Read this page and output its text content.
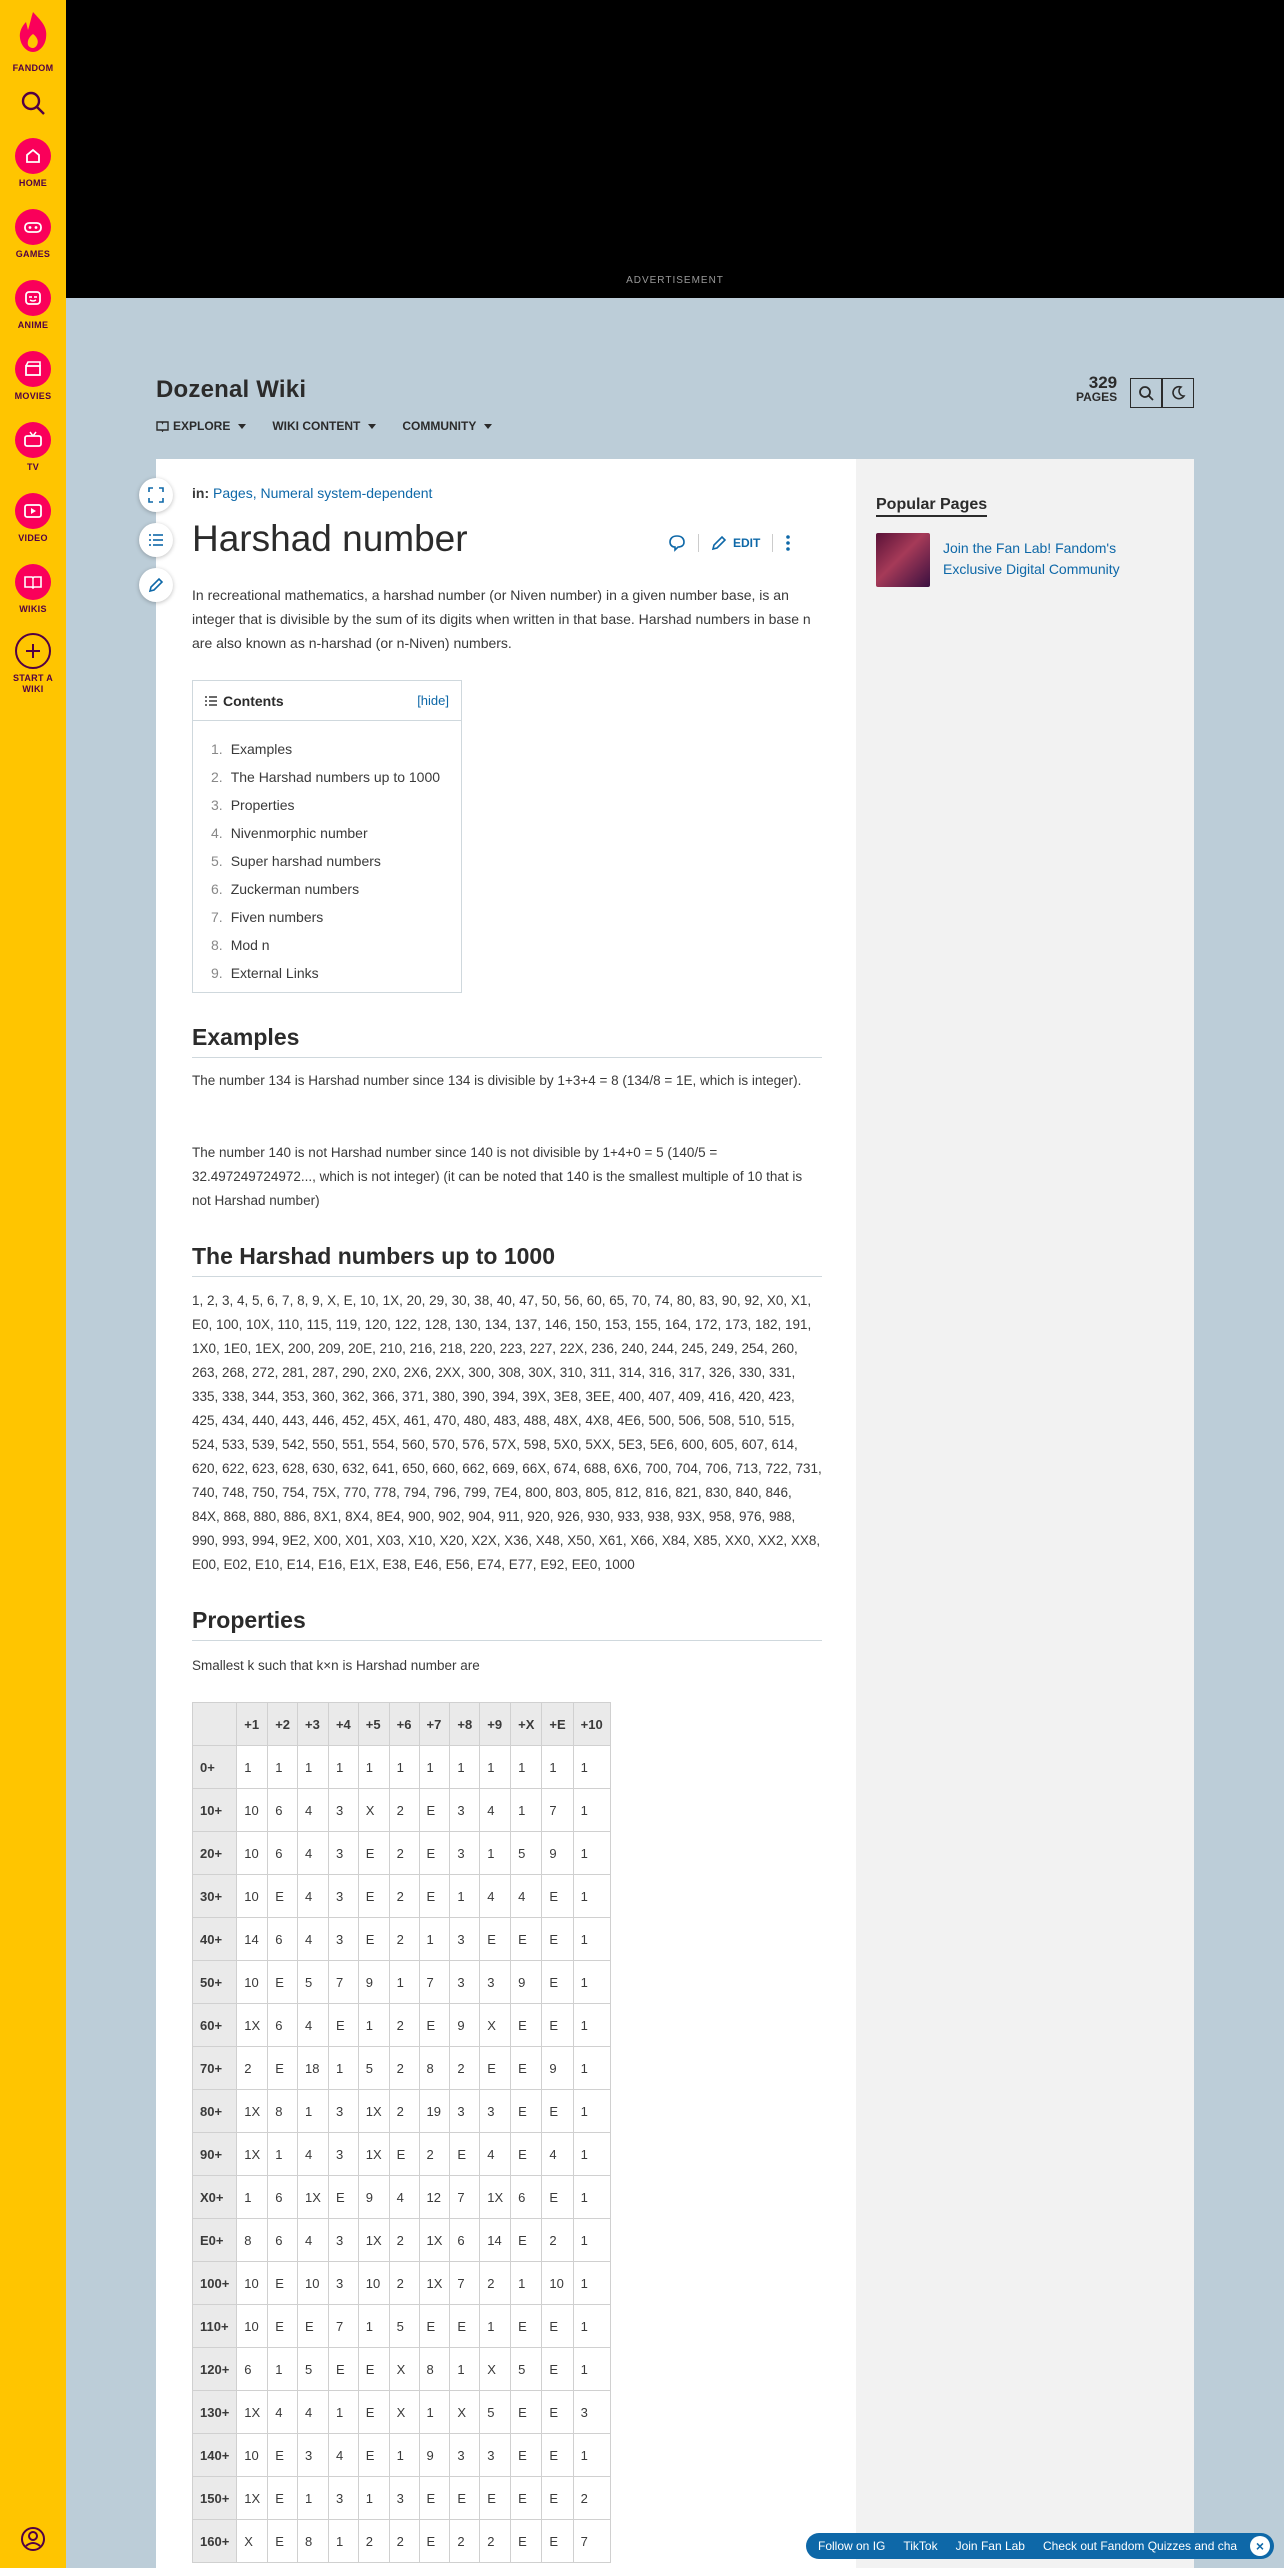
FANDOM
HOME
GAMES
ANIME
MOVIES
TV
VIDEO
WIKIS
START A WIKI
ADVERTISEMENT
Dozenal Wiki
EXPLORE	WIKI CONTENT	COMMUNITY
329
PAGES
in: Pages, Numeral system-dependent
Harshad number	EDIT
In recreational mathematics, a harshad number (or Niven number) in a given number base, is an integer that is divisible by the sum of its digits when written in that base. Harshad numbers in base n are also known as n-harshad (or n-Niven) numbers.
Contents	[hide]
1. Examples
2. The Harshad numbers up to 1000
3. Properties
4. Nivenmorphic number
5. Super harshad numbers
6. Zuckerman numbers
7. Fiven numbers
8. Mod n
9. External Links
Examples
The number 134 is Harshad number since 134 is divisible by 1+3+4 = 8 (134/8 = 1E, which is integer).
The number 140 is not Harshad number since 140 is not divisible by 1+4+0 = 5 (140/5 = 32.497249724972..., which is not integer) (it can be noted that 140 is the smallest multiple of 10 that is not Harshad number)
The Harshad numbers up to 1000
1, 2, 3, 4, 5, 6, 7, 8, 9, X, E, 10, 1X, 20, 29, 30, 38, 40, 47, 50, 56, 60, 65, 70, 74, 80, 83, 90, 92, X0, X1, E0, 100, 10X, 110, 115, 119, 120, 122, 128, 130, 134, 137, 146, 150, 153, 155, 164, 172, 173, 182, 191, 1X0, 1E0, 1EX, 200, 209, 20E, 210, 216, 218, 220, 223, 227, 22X, 236, 240, 244, 245, 249, 254, 260, 263, 268, 272, 281, 287, 290, 2X0, 2X6, 2XX, 300, 308, 30X, 310, 311, 314, 316, 317, 326, 330, 331, 335, 338, 344, 353, 360, 362, 366, 371, 380, 390, 394, 39X, 3E8, 3EE, 400, 407, 409, 416, 420, 423, 425, 434, 440, 443, 446, 452, 45X, 461, 470, 480, 483, 488, 48X, 4X8, 4E6, 500, 506, 508, 510, 515, 524, 533, 539, 542, 550, 551, 554, 560, 570, 576, 57X, 598, 5X0, 5XX, 5E3, 5E6, 600, 605, 607, 614, 620, 622, 623, 628, 630, 632, 641, 650, 660, 662, 669, 66X, 674, 688, 6X6, 700, 704, 706, 713, 722, 731, 740, 748, 750, 754, 75X, 770, 778, 794, 796, 799, 7E4, 800, 803, 805, 812, 816, 821, 830, 840, 846, 84X, 868, 880, 886, 8X1, 8X4, 8E4, 900, 902, 904, 911, 920, 926, 930, 933, 938, 93X, 958, 976, 988, 990, 993, 994, 9E2, X00, X01, X03, X10, X20, X2X, X36, X48, X50, X61, X66, X84, X85, XX0, XX2, XX8, E00, E02, E10, E14, E16, E1X, E38, E46, E56, E74, E77, E92, EE0, 1000
Properties
Smallest k such that k×n is Harshad number are
	+1	+2	+3	+4	+5	+6	+7	+8	+9	+X	+E	+10
0+	1	1	1	1	1	1	1	1	1	1	1	1
10+	10	6	4	3	X	2	E	3	4	1	7	1
20+	10	6	4	3	E	2	E	3	1	5	9	1
30+	10	E	4	3	E	2	E	1	4	4	E	1
40+	14	6	4	3	E	2	1	3	E	E	E	1
50+	10	E	5	7	9	1	7	3	3	9	E	1
60+	1X	6	4	E	1	2	E	9	X	E	E	1
70+	2	E	18	1	5	2	8	2	E	E	9	1
80+	1X	8	1	3	1X	2	19	3	3	E	E	1
90+	1X	1	4	3	1X	E	2	E	4	E	4	1
X0+	1	6	1X	E	9	4	12	7	1X	6	E	1
E0+	8	6	4	3	1X	2	1X	6	14	E	2	1
100+	10	E	10	3	10	2	1X	7	2	1	10	1
110+	10	E	E	7	1	5	E	E	1	E	E	1
120+	6	1	5	E	E	X	8	1	X	5	E	1
130+	1X	4	4	1	E	X	1	X	5	E	E	3
140+	10	E	3	4	E	1	9	3	3	E	E	1
150+	1X	E	1	3	1	3	E	E	E	E	E	2
160+	X	E	8	1	2	2	E	2	2	E	E	7
Popular Pages
Join the Fan Lab! Fandom's Exclusive Digital Community
Follow on IG TikTok Join Fan Lab Check out Fandom Quizzes and cha	×
